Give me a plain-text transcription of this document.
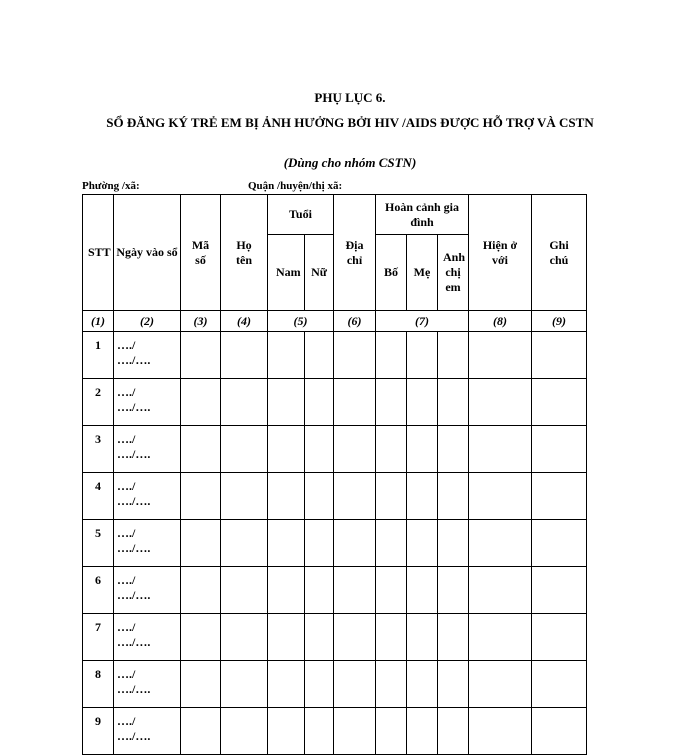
PHỤ LỤC 6.
SỔ ĐĂNG KÝ TRẺ EM BỊ ẢNH HƯỞNG BỞI HIV /AIDS ĐƯỢC HỖ TRỢ VÀ CSTN
(Dùng cho nhóm CSTN)
Phường /xã:	Quận /huyện/thị xã:
STT	Ngày vào sổ	Mã số	Họ tên	Tuổi		Địa chỉ	Hoàn cảnh gia đình			Hiện ở với	Ghi chú

				Nam	Nữ		Bố	Mẹ	Anh chị em		

(1)	(2)	(3)	(4)	(5)		(6)	(7)			(8)	(9)
1	…./
…./….										

2	…./
…./….										

3	…./
…./….										

4	…./
…./….										

5	…./
…./….										

6	…./
…./….										

7	…./
…./….										

8	…./
…./….										

9	…./
…./….										
